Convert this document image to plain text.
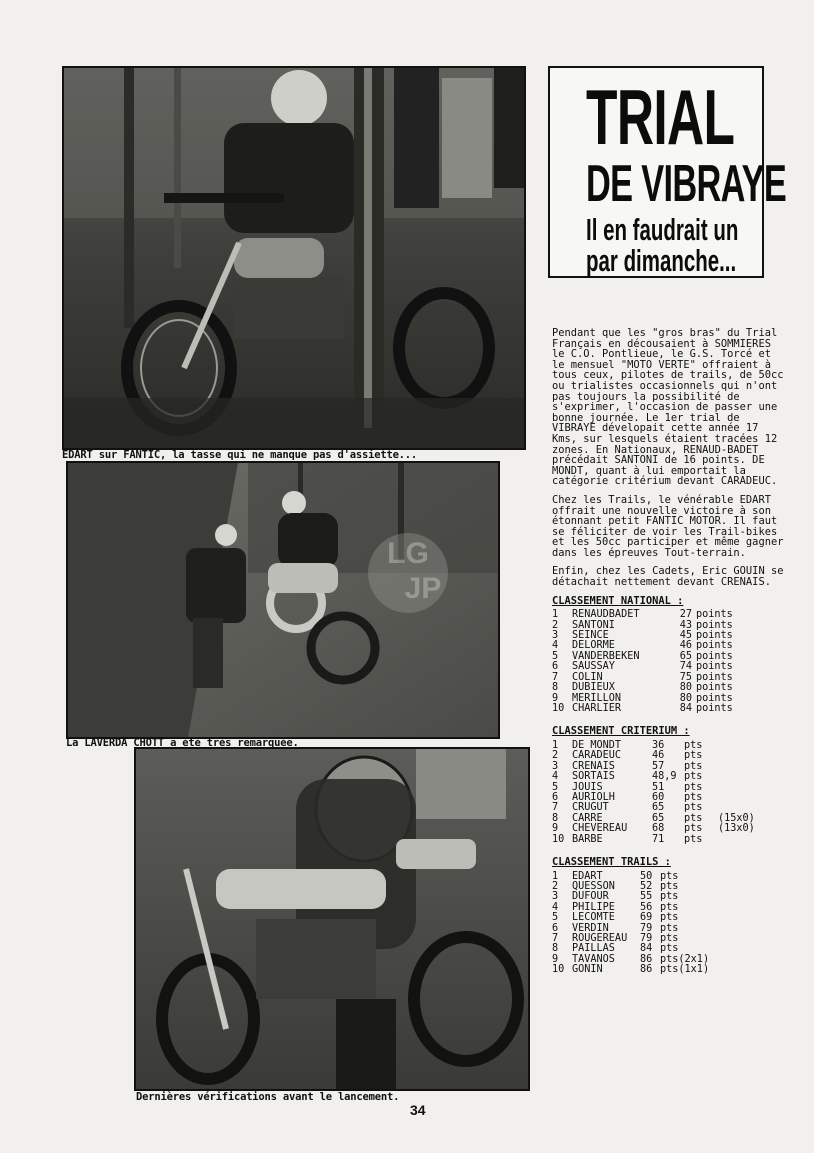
EDART sur FANTIC, la tasse qui ne manque pas d'assiette...
LG
JP
La LAVERDA CHOTT a été très remarquée.
Dernières vérifications avant le lancement.
TRIAL
DE VIBRAYE
Il en faudrait un
par dimanche...

Pendant que les "gros bras" du Trial Français en décousaient à SOMMIERES le C.O. Pontlieue, le G.S. Torcé et le mensuel "MOTO VERTE" offraient à tous ceux, pilotes de trails, de 50cc ou trialistes occasionnels qui n'ont pas toujours la possibilité de s'exprimer, l'occasion de passer une bonne journée. Le 1er trial de VIBRAYE dévelopait cette année 17 Kms, sur lesquels étaient tracées 12 zones. En Nationaux, RENAUD-BADET précédait SANTONI de 16 points. DE MONDT, quant à lui emportait la catégorie critérium devant CARADEUC.

Chez les Trails, le vénérable EDART offrait une nouvelle victoire à son étonnant petit FANTIC MOTOR. Il faut se féliciter de voir les Trail-bikes et les 50cc participer et même gagner dans les épreuves Tout-terrain.

Enfin, chez les Cadets, Eric GOUIN se détachait nettement devant CRENAIS.

CLASSEMENT NATIONAL :
1	RENAUDBADET	27	points
2	SANTONI	43	points
3	SEINCE	45	points
4	DELORME	46	points
5	VANDERBEKEN	65	points
6	SAUSSAY	74	points
7	COLIN	75	points
8	DUBIEUX	80	points
9	MERILLON	80	points
10	CHARLIER	84	points
CLASSEMENT CRITERIUM :
1	DE MONDT	36	pts	
2	CARADEUC	46	pts	
3	CRENAIS	57	pts	
4	SORTAIS	48,9	pts	
5	JOUIS	51	pts	
6	AURIOLH	60	pts	
7	CRUGUT	65	pts	
8	CARRE	65	pts	(15x0)
9	CHEVEREAU	68	pts	(13x0)
10	BARBE	71	pts	
CLASSEMENT TRAILS :
1	EDART	50	pts	
2	QUESSON	52	pts	
3	DUFOUR	55	pts	
4	PHILIPE	56	pts	
5	LECOMTE	69	pts	
6	VERDIN	79	pts	
7	ROUGEREAU	79	pts	
8	PAILLAS	84	pts	
9	TAVANOS	86	pts	(2x1)
10	GONIN	86	pts	(1x1)
34
